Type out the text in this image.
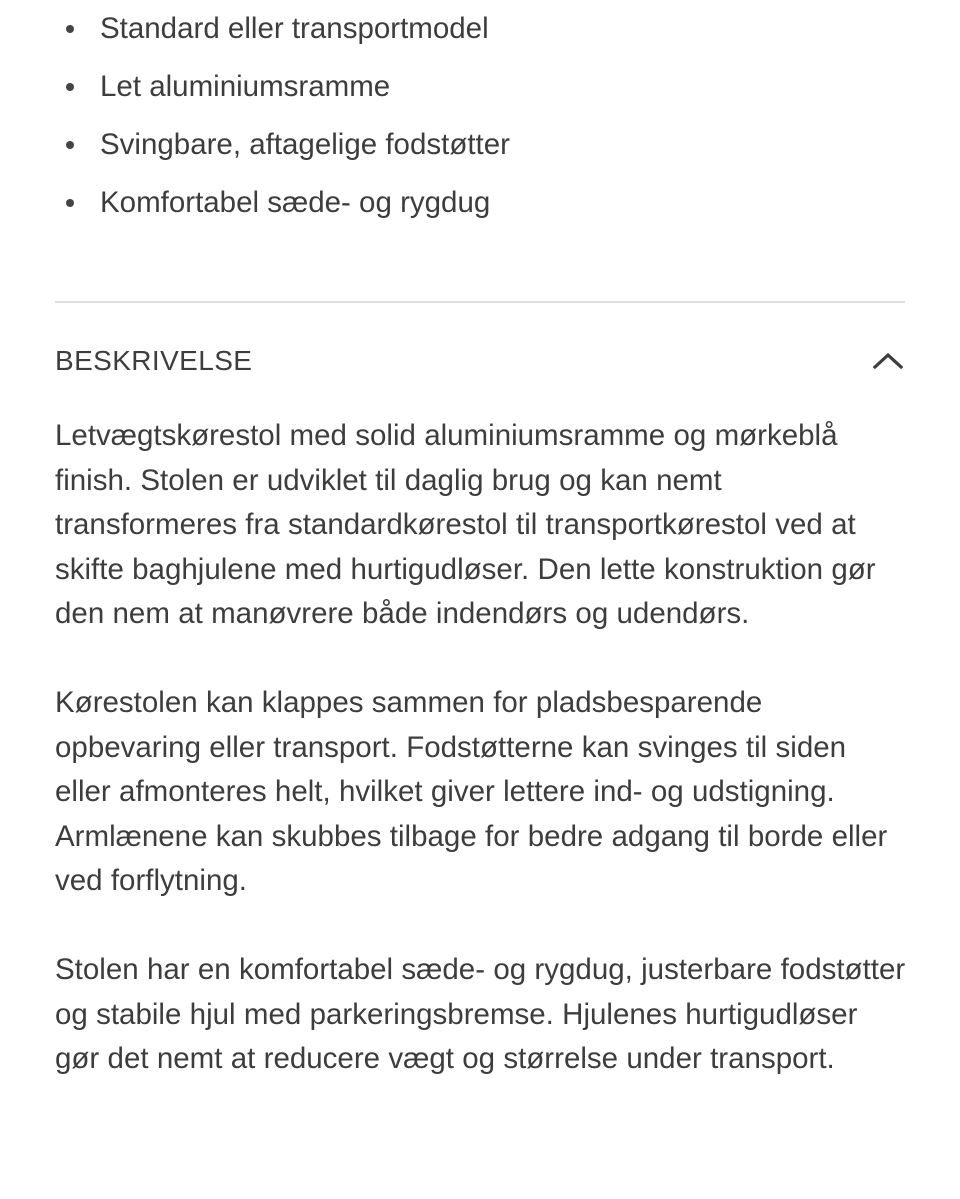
Standard eller transportmodel
Let aluminiumsramme
Svingbare, aftagelige fodstøtter
Komfortabel sæde- og rygdug
BESKRIVELSE

Letvægtskørestol med solid aluminiumsramme og mørkeblå finish. Stolen er udviklet til daglig brug og kan nemt transformeres fra standardkørestol til transportkørestol ved at skifte baghjulene med hurtigudløser. Den lette konstruktion gør den nem at manøvrere både indendørs og udendørs.

Kørestolen kan klappes sammen for pladsbesparende opbevaring eller transport. Fodstøtterne kan svinges til siden eller afmonteres helt, hvilket giver lettere ind- og udstigning. Armlænene kan skubbes tilbage for bedre adgang til borde eller ved forflytning.

Stolen har en komfortabel sæde- og rygdug, justerbare fodstøtter og stabile hjul med parkeringsbremse. Hjulenes hurtigudløser gør det nemt at reducere vægt og størrelse under transport.
